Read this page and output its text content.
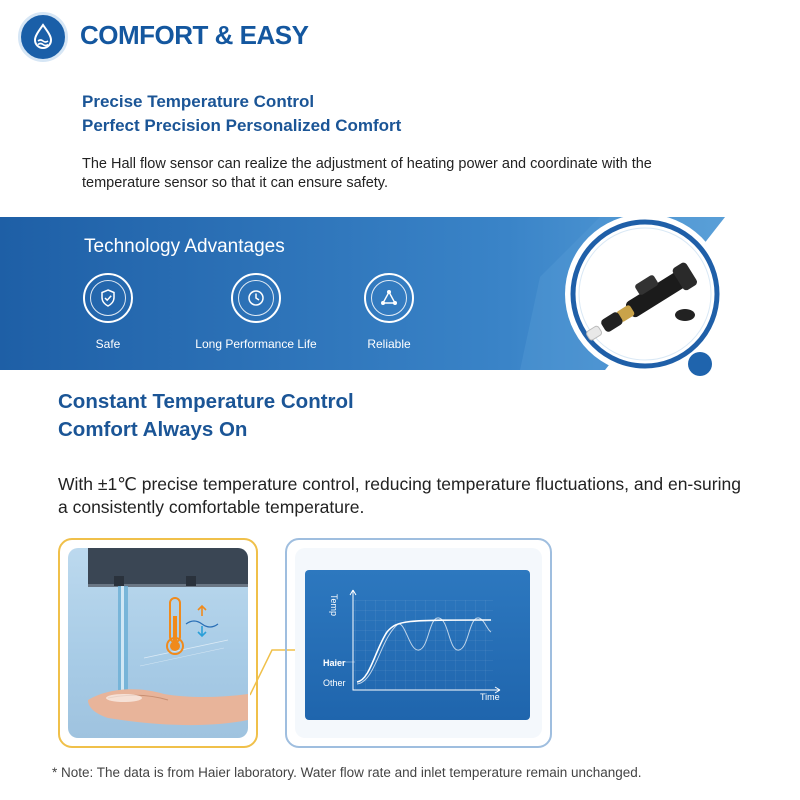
COMFORT & EASY
Precise Temperature Control
Perfect Precision Personalized Comfort
The Hall flow sensor can realize the adjustment of heating power and coordinate with the temperature sensor so that it can ensure safety.
Technology Advantages
Safe	Long Performance Life	Reliable
Constant Temperature Control
Comfort Always On
With ±1℃ precise temperature control, reducing temperature fluctuations, and en-suring a consistently comfortable temperature.
Temp
Time
Haier
Other
* Note: The data is from Haier laboratory. Water flow rate and inlet temperature remain unchanged.
